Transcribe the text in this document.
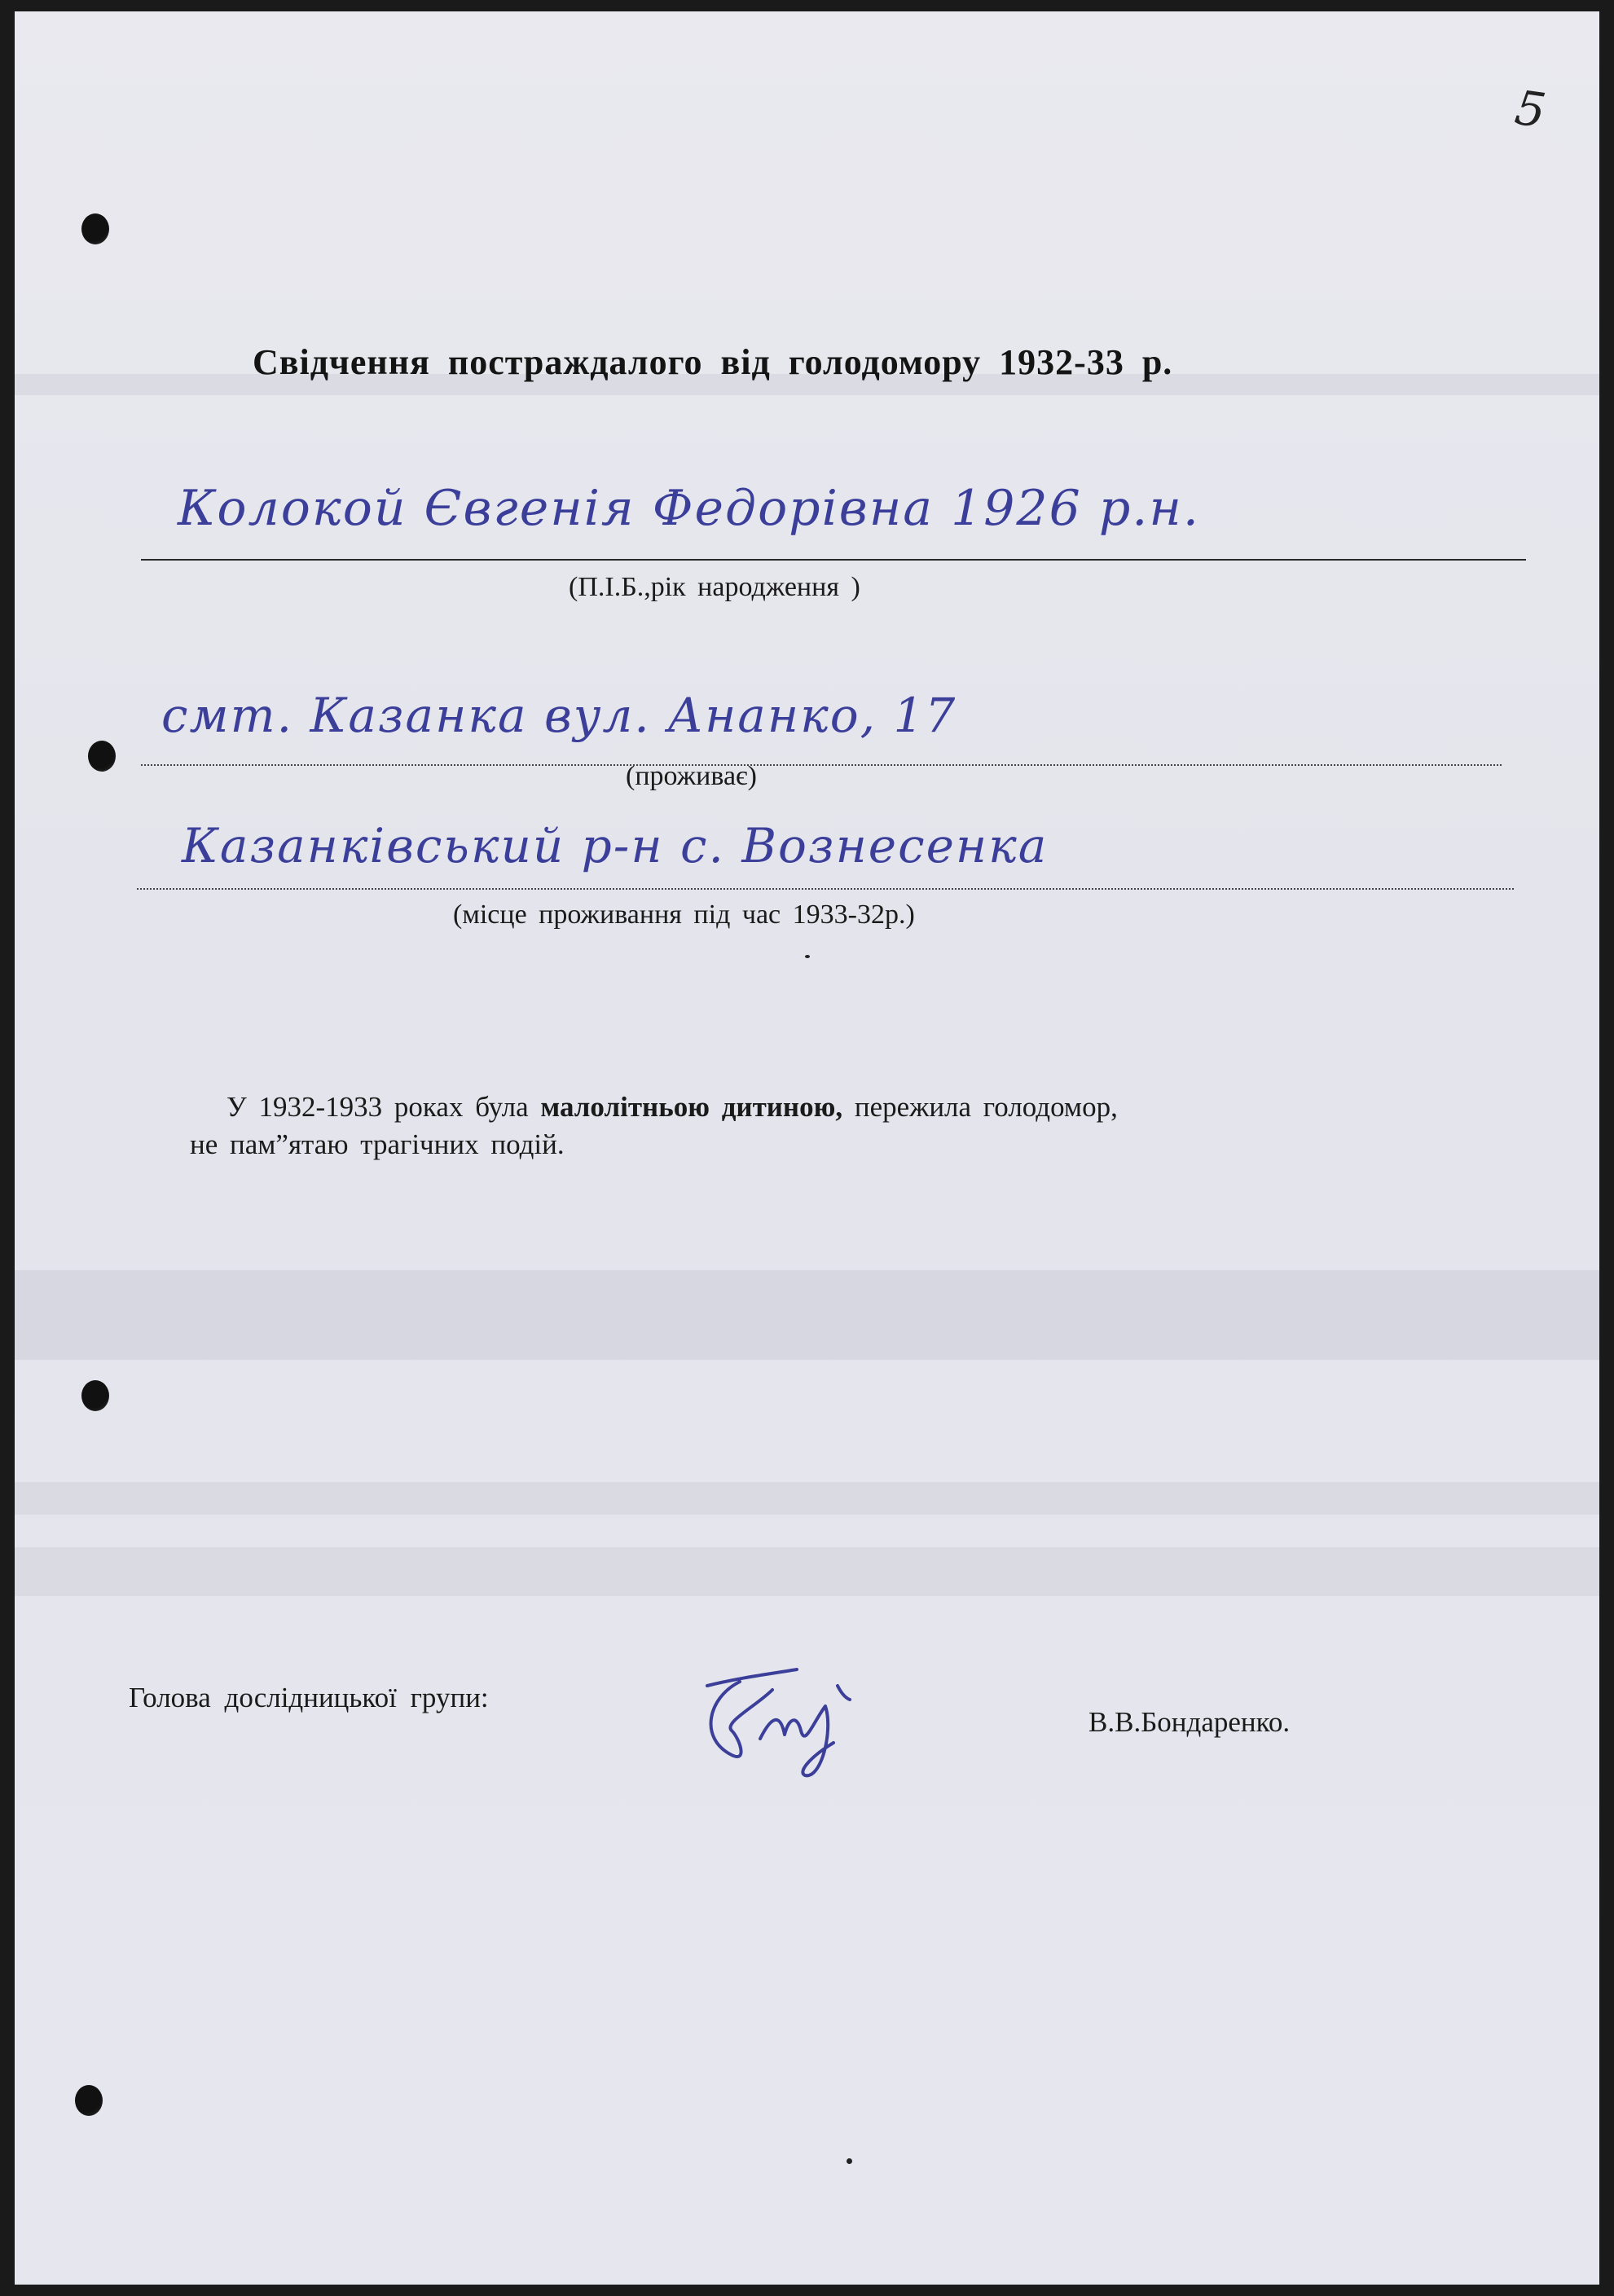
5
Свідчення постраждалого від голодомору 1932-33 р.
Колокой Євгенія Федорівна 1926 р.н.
(П.І.Б.,рік народження )
смт. Казанка вул. Ананко, 17
(проживає)
Казанківський р-н с. Вознесенка
(місце проживання під час 1933-32р.)
У 1932-1933 роках була малолітньою дитиною, пережила голодомор,
не пам”ятаю трагічних подій.
Голова дослідницької групи:
В.В.Бондаренко.
